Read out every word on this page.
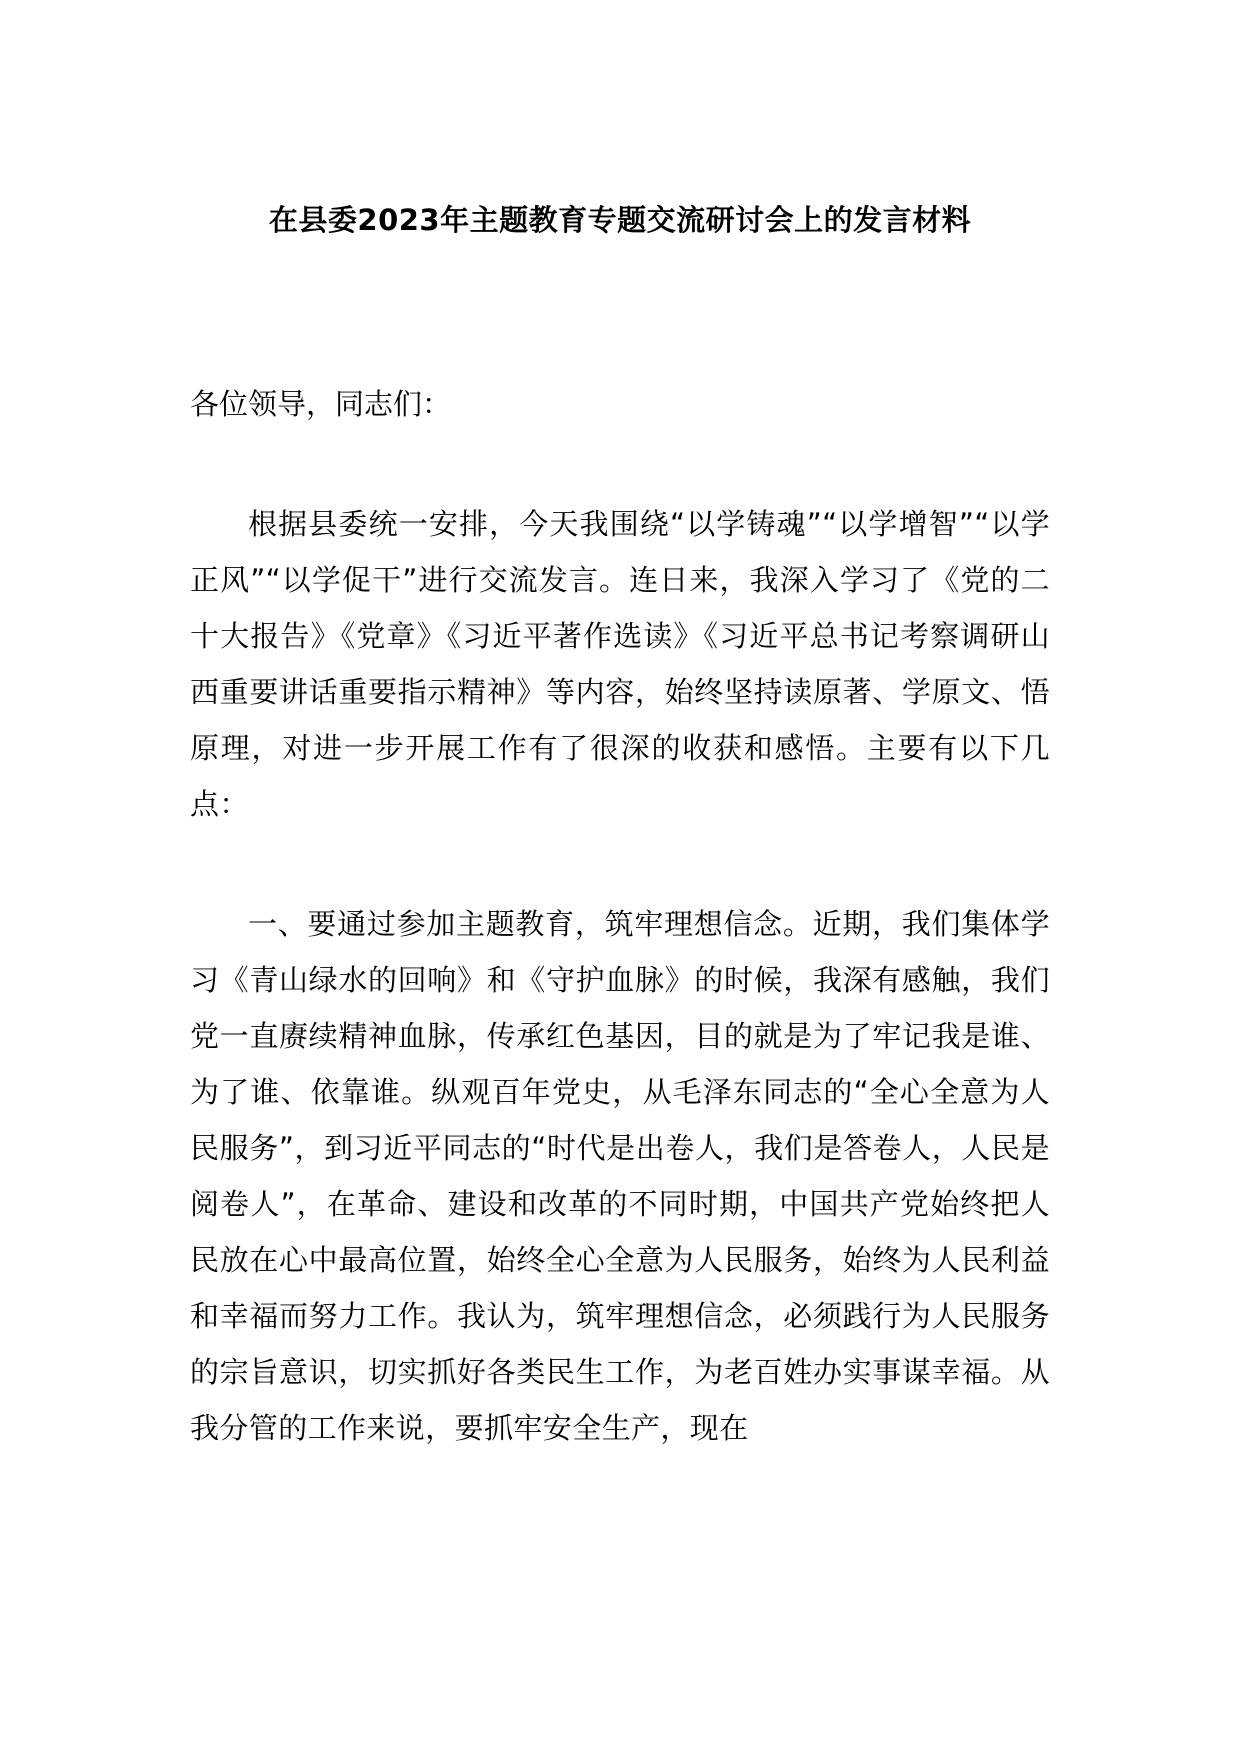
在县委2023年主题教育专题交流研讨会上的发言材料
各位领导，同志们：
根据县委统一安排，今天我围绕“以学铸魂”“以学增智”“以学正风”“以学促干”进行交流发言。连日来，我深入学习了《党的二十大报告》《党章》《习近平著作选读》《习近平总书记考察调研山西重要讲话重要指示精神》等内容，始终坚持读原著、学原文、悟原理，对进一步开展工作有了很深的收获和感悟。主要有以下几点：
一、要通过参加主题教育，筑牢理想信念。近期，我们集体学习《青山绿水的回响》和《守护血脉》的时候，我深有感触，我们党一直赓续精神血脉，传承红色基因，目的就是为了牢记我是谁、为了谁、依靠谁。纵观百年党史，从毛泽东同志的“全心全意为人民服务”，到习近平同志的“时代是出卷人，我们是答卷人，人民是阅卷人”，在革命、建设和改革的不同时期，中国共产党始终把人民放在心中最高位置，始终全心全意为人民服务，始终为人民利益和幸福而努力工作。我认为，筑牢理想信念，必须践行为人民服务的宗旨意识，切实抓好各类民生工作，为老百姓办实事谋幸福。从我分管的工作来说，要抓牢安全生产，现在
